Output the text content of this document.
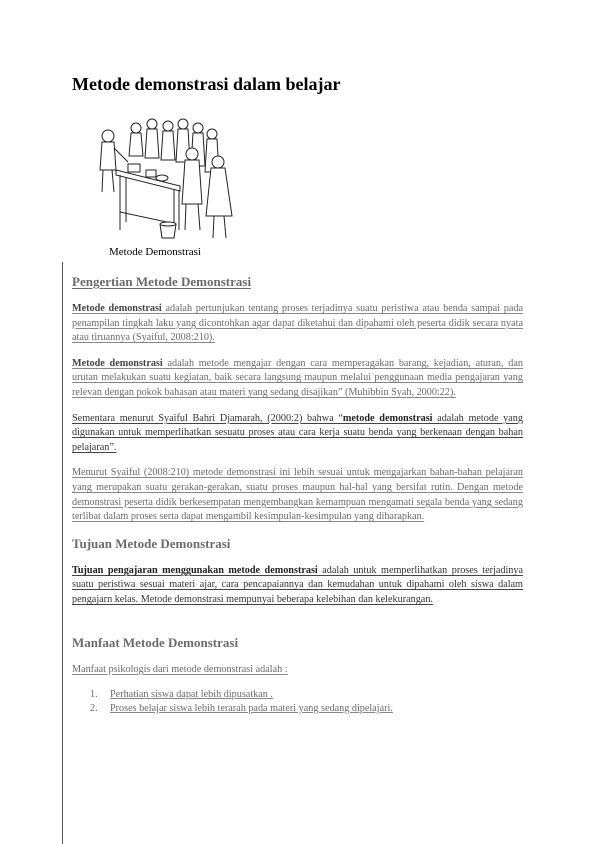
Metode demonstrasi dalam belajar
Metode Demonstrasi
Pengertian Metode Demonstrasi

Metode demonstrasi adalah pertunjukan tentang proses terjadinya suatu peristiwa atau benda sampai pada penampilan tingkah laku yang dicontohkan agar dapat diketahui dan dipahami oleh peserta didik secara nyata atau tiruannya (Syaiful, 2008:210).

Metode demonstrasi adalah metode mengajar dengan cara memperagakan barang, kejadian, aturan, dan urutan melakukan suatu kegiatan, baik secara langsung maupun melalui penggunaan media pengajaran yang relevan dengan pokok bahasan atau materi yang sedang disajikan” (Muhibbin Syah, 2000:22).

Sementara menurut Syaiful Bahri Djamarah, (2000:2) bahwa “metode demonstrasi adalah metode yang digunakan untuk memperlihatkan sesuatu proses atau cara kerja suatu benda yang berkenaan dengan bahan pelajaran”.

Menurut Syaiful (2008:210) metode demonstrasi ini lebih sesuai untuk mengajarkan bahan-bahan pelajaran yang merupakan suatu gerakan-gerakan, suatu proses maupun hal-hal yang bersifat rutin. Dengan metode demonstrasi peserta didik berkesempatan mengembangkan kemampuan mengamati segala benda yang sedang terlibat dalam proses serta dapat mengambil kesimpulan-kesimpulan yang diharapkan.

Tujuan Metode Demonstrasi

Tujuan pengajaran menggunakan metode demonstrasi adalah untuk memperlihatkan proses terjadinya suatu peristiwa sesuai materi ajar, cara pencapaiannya dan kemudahan untuk dipahami oleh siswa dalam pengajarn kelas. Metode demonstrasi mempunyai beberapa kelebihan dan kelekurangan.

Manfaat Metode Demonstrasi

Manfaat psikologis dari metode demonstrasi adalah :

1. Perhatian siswa dapat lebih dipusatkan .
2. Proses belajar siswa lebih terarah pada materi yang sedang dipelajari.
